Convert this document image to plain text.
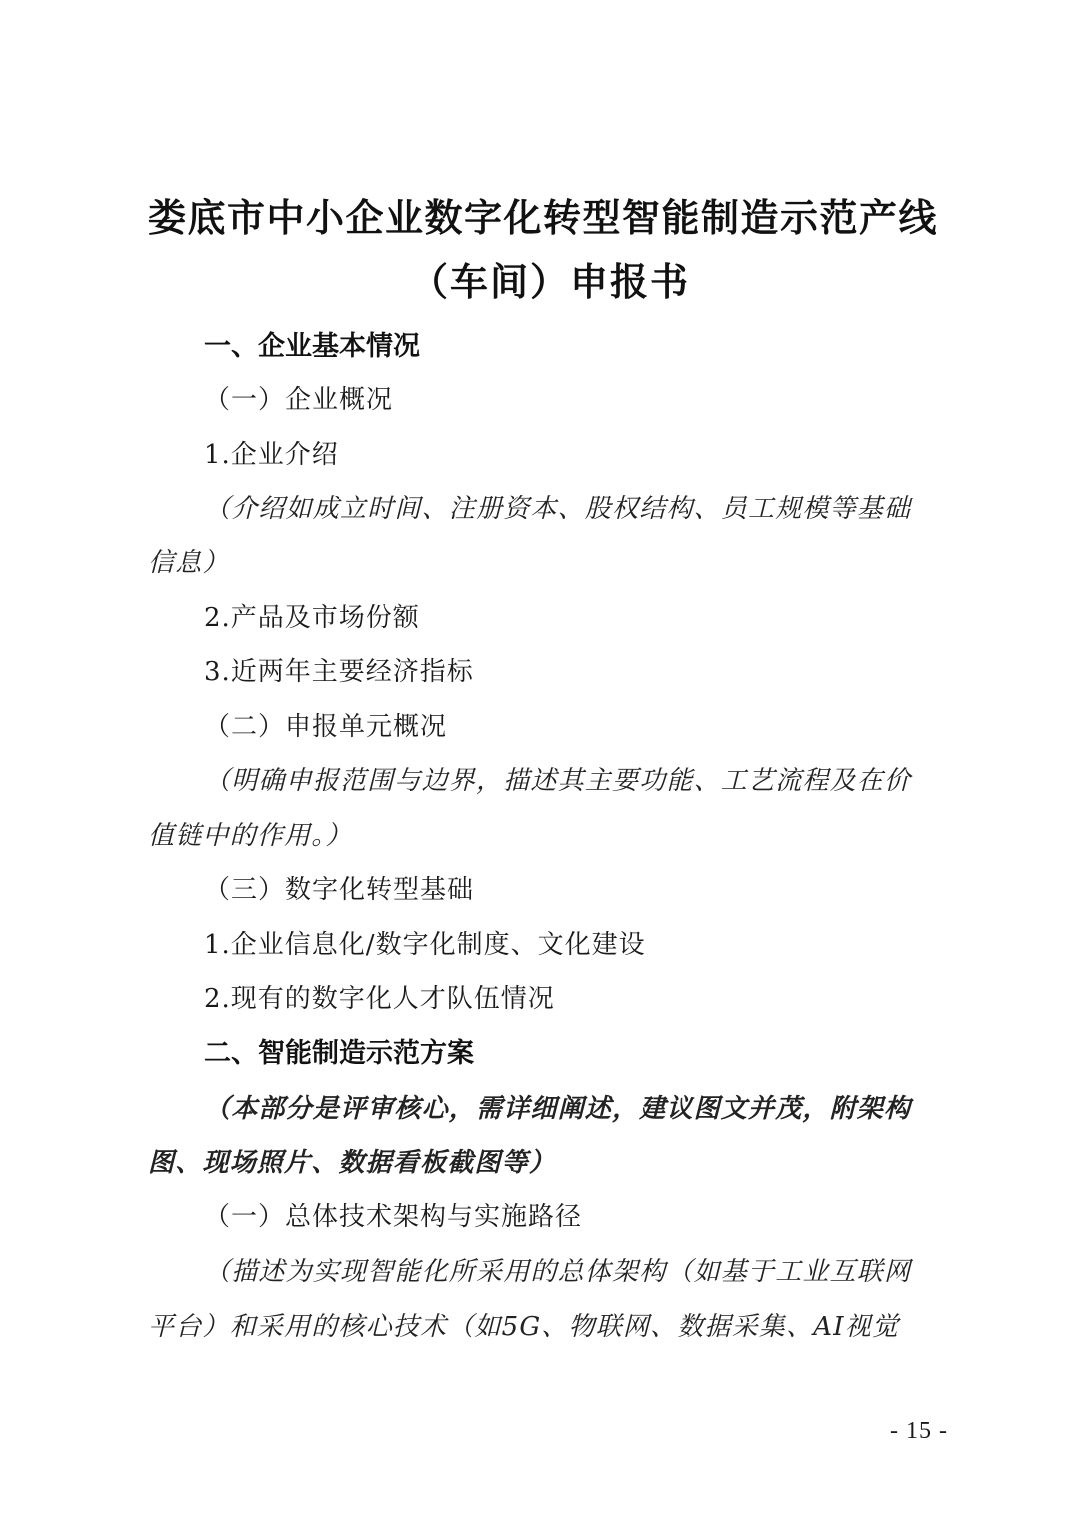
娄底市中小企业数字化转型智能制造示范产线
（车间）申报书
一、企业基本情况
（一）企业概况
1.企业介绍
（介绍如成立时间、注册资本、股权结构、员工规模等基础
信息）
2.产品及市场份额
3.近两年主要经济指标
（二）申报单元概况
（明确申报范围与边界，描述其主要功能、工艺流程及在价
值链中的作用。）
（三）数字化转型基础
1.企业信息化/数字化制度、文化建设
2.现有的数字化人才队伍情况
二、智能制造示范方案
（本部分是评审核心，需详细阐述，建议图文并茂，附架构
图、现场照片、数据看板截图等）
（一）总体技术架构与实施路径
（描述为实现智能化所采用的总体架构（如基于工业互联网
平台）和采用的核心技术（如5G、物联网、数据采集、AI视觉
- 15 -
